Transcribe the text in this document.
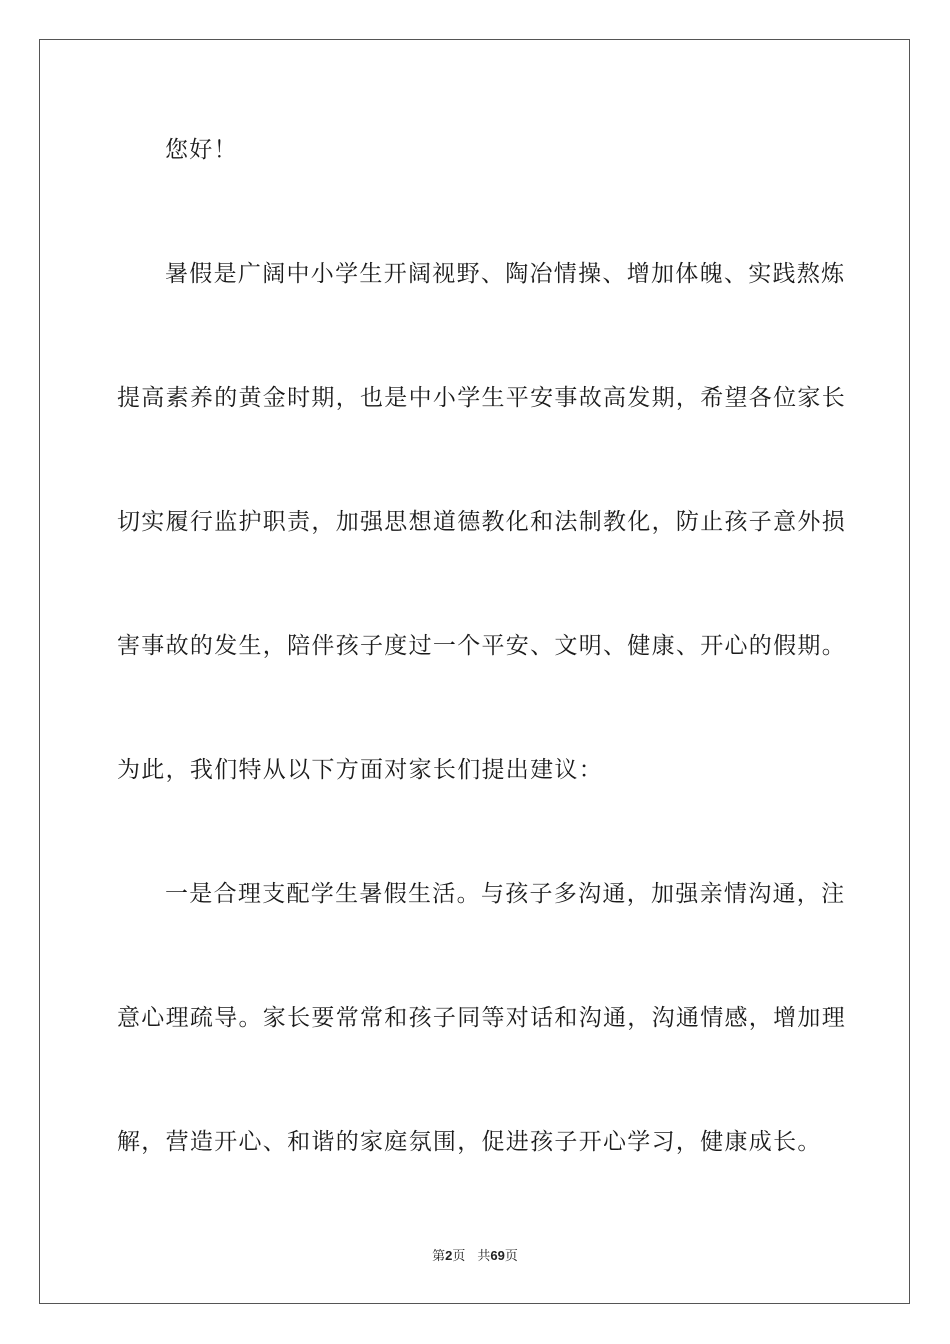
您好！
暑假是广阔中小学生开阔视野、陶冶情操、增加体魄、实践熬炼
提高素养的黄金时期，也是中小学生平安事故高发期，希望各位家长
切实履行监护职责，加强思想道德教化和法制教化，防止孩子意外损
害事故的发生，陪伴孩子度过一个平安、文明、健康、开心的假期。
为此，我们特从以下方面对家长们提出建议：
一是合理支配学生暑假生活。与孩子多沟通，加强亲情沟通，注
意心理疏导。家长要常常和孩子同等对话和沟通，沟通情感，增加理
解，营造开心、和谐的家庭氛围，促进孩子开心学习，健康成长。
第2页 共69页
